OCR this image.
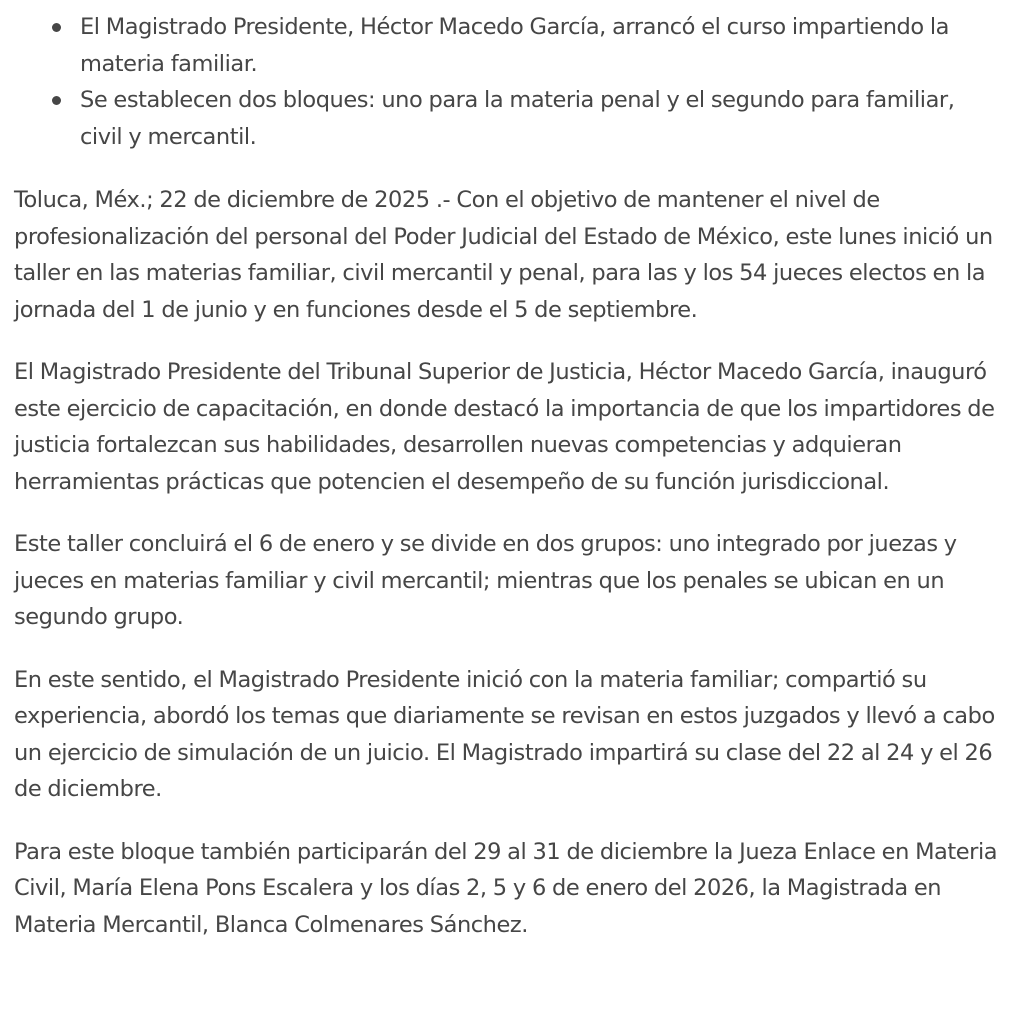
El Magistrado Presidente, Héctor Macedo García, arrancó el curso impartiendo la materia familiar.
Se establecen dos bloques: uno para la materia penal y el segundo para familiar, civil y mercantil.

Toluca, Méx.; 22 de diciembre de 2025 .- Con el objetivo de mantener el nivel de profesionalización del personal del Poder Judicial del Estado de México, este lunes inició un taller en las materias familiar, civil mercantil y penal, para las y los 54 jueces electos en la jornada del 1 de junio y en funciones desde el 5 de septiembre.

El Magistrado Presidente del Tribunal Superior de Justicia, Héctor Macedo García, inauguró este ejercicio de capacitación, en donde destacó la importancia de que los impartidores de justicia fortalezcan sus habilidades, desarrollen nuevas competencias y adquieran herramientas prácticas que potencien el desempeño de su función jurisdiccional.

Este taller concluirá el 6 de enero y se divide en dos grupos: uno integrado por juezas y jueces en materias familiar y civil mercantil; mientras que los penales se ubican en un segundo grupo.

En este sentido, el Magistrado Presidente inició con la materia familiar; compartió su experiencia, abordó los temas que diariamente se revisan en estos juzgados y llevó a cabo un ejercicio de simulación de un juicio. El Magistrado impartirá su clase del 22 al 24 y el 26 de diciembre.

Para este bloque también participarán del 29 al 31 de diciembre la Jueza Enlace en Materia Civil, María Elena Pons Escalera y los días 2, 5 y 6 de enero del 2026, la Magistrada en Materia Mercantil, Blanca Colmenares Sánchez.
